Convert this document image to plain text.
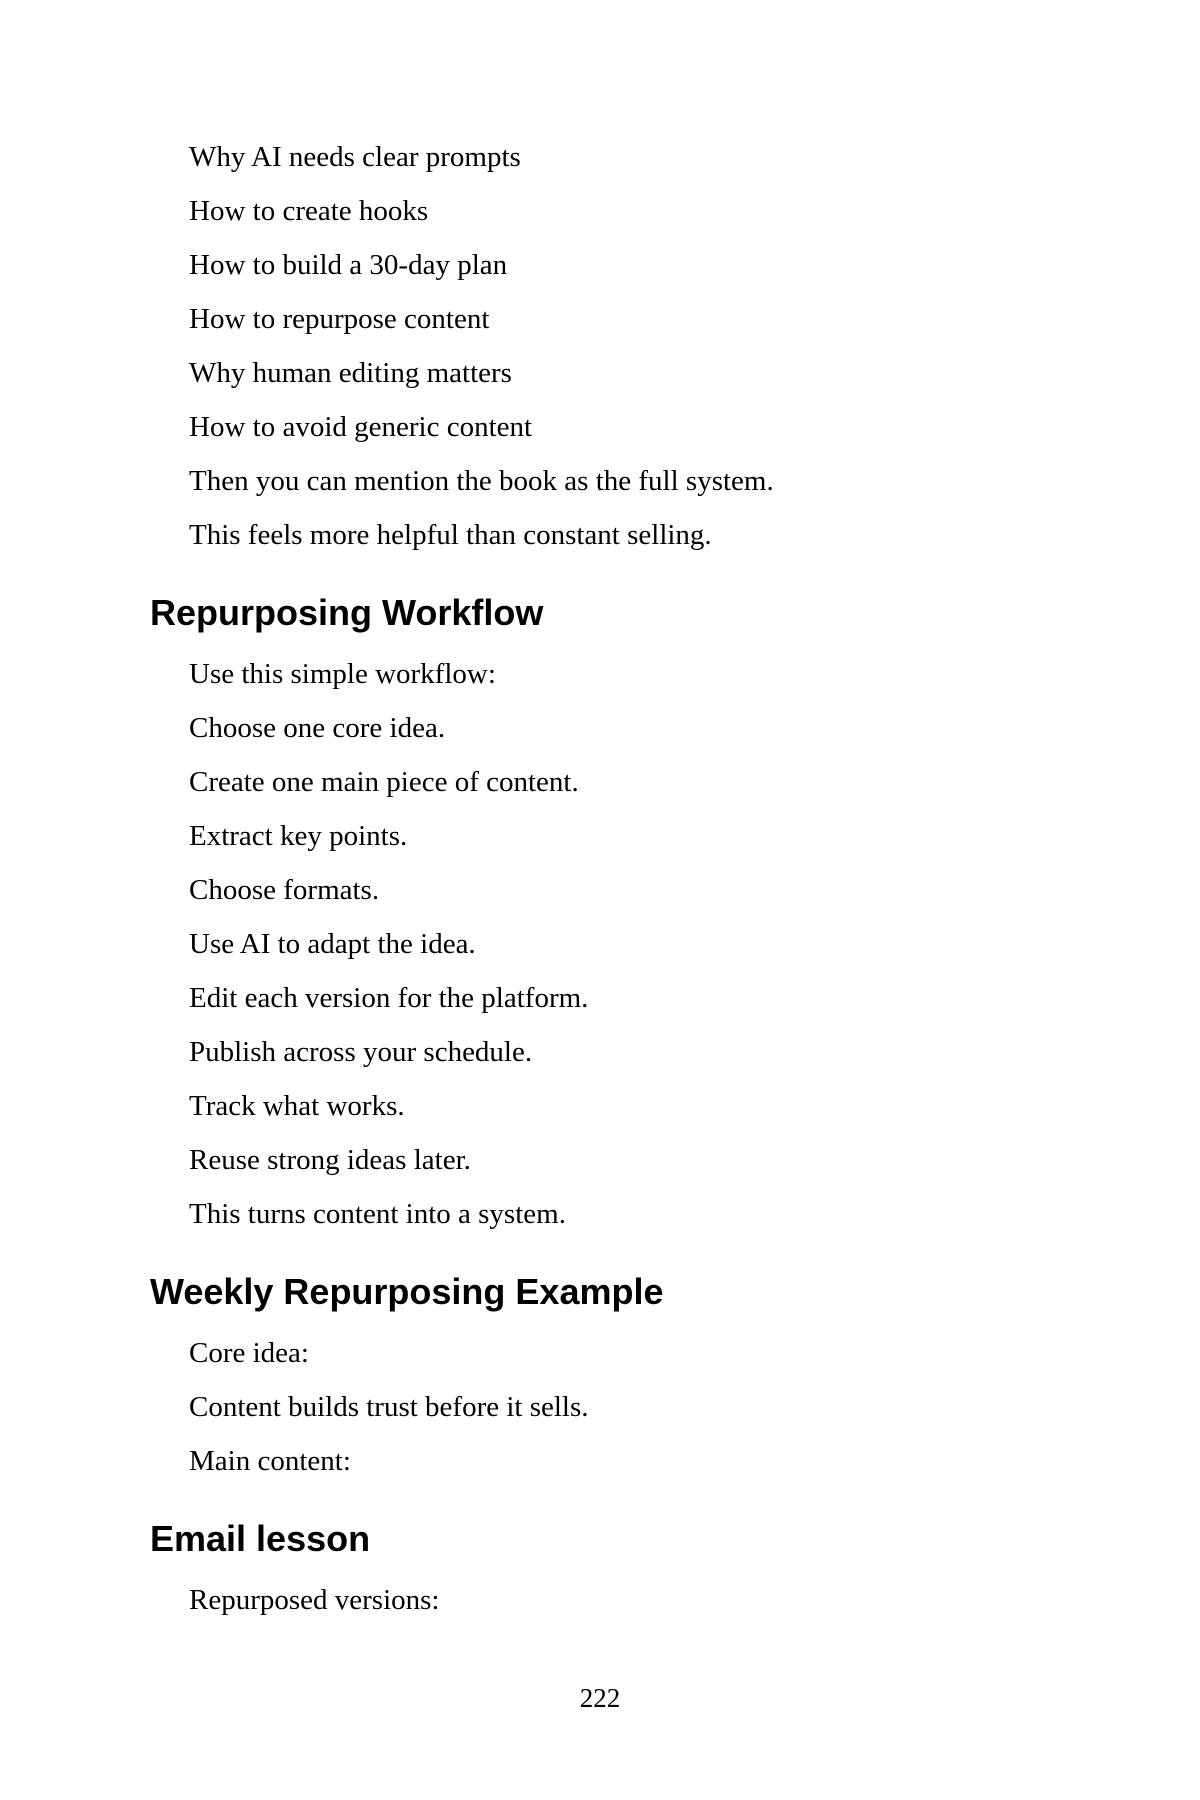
Why AI needs clear prompts

How to create hooks

How to build a 30-day plan

How to repurpose content

Why human editing matters

How to avoid generic content

Then you can mention the book as the full system.

This feels more helpful than constant selling.

Repurposing Workflow

Use this simple workflow:

Choose one core idea.

Create one main piece of content.

Extract key points.

Choose formats.

Use AI to adapt the idea.

Edit each version for the platform.

Publish across your schedule.

Track what works.

Reuse strong ideas later.

This turns content into a system.

Weekly Repurposing Example

Core idea:

Content builds trust before it sells.

Main content:

Email lesson

Repurposed versions:

222
